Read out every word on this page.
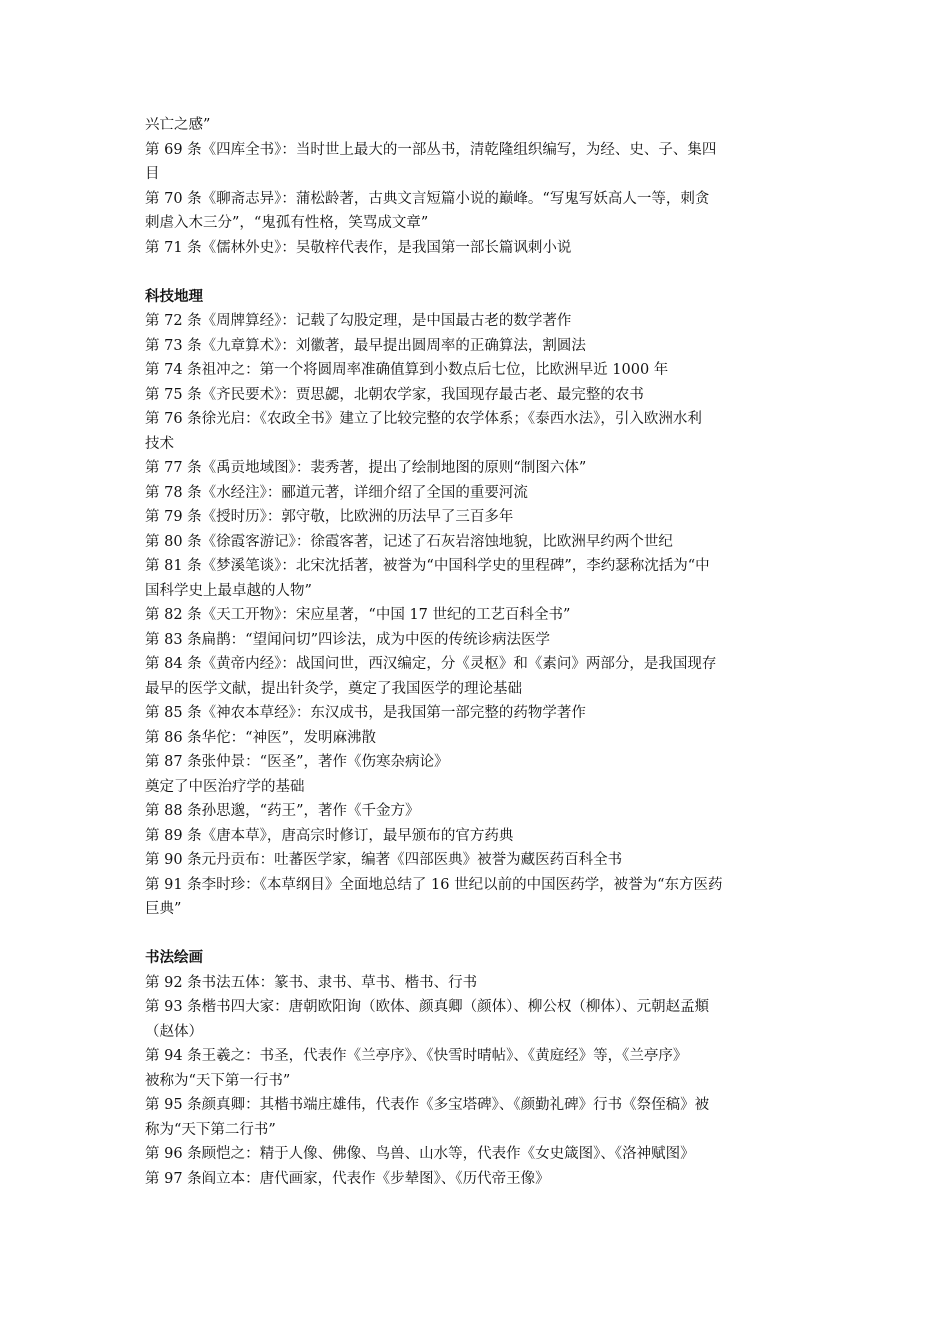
兴亡之感”

第 69 条《四库全书》：当时世上最大的一部丛书，清乾隆组织编写，为经、史、子、集四

目

第 70 条《聊斋志异》：蒲松龄著，古典文言短篇小说的巅峰。“写鬼写妖高人一等，刺贪

刺虐入木三分”，“鬼孤有性格，笑骂成文章”

第 71 条《儒林外史》：吴敬梓代表作，是我国第一部长篇讽刺小说

科技地理

第 72 条《周牌算经》：记载了勾股定理，是中国最古老的数学著作

第 73 条《九章算术》：刘徽著，最早提出圆周率的正确算法，割圆法

第 74 条祖冲之：第一个将圆周率准确值算到小数点后七位，比欧洲早近 1000 年

第 75 条《齐民要术》：贾思勰，北朝农学家，我国现存最古老、最完整的农书

第 76 条徐光启：《农政全书》建立了比较完整的农学体系；《泰西水法》，引入欧洲水利

技术

第 77 条《禹贡地域图》：裴秀著，提出了绘制地图的原则“制图六体”

第 78 条《水经注》：郦道元著，详细介绍了全国的重要河流

第 79 条《授时历》：郭守敬，比欧洲的历法早了三百多年

第 80 条《徐霞客游记》：徐霞客著，记述了石灰岩溶蚀地貌，比欧洲早约两个世纪

第 81 条《梦溪笔谈》：北宋沈括著，被誉为“中国科学史的里程碑”，李约瑟称沈括为“中

国科学史上最卓越的人物”

第 82 条《天工开物》：宋应星著，“中国 17 世纪的工艺百科全书”

第 83 条扁鹊：“望闻问切”四诊法，成为中医的传统诊病法医学

第 84 条《黄帝内经》：战国问世，西汉编定，分《灵枢》和《素问》两部分，是我国现存

最早的医学文献，提出针灸学，奠定了我国医学的理论基础

第 85 条《神农本草经》：东汉成书，是我国第一部完整的药物学著作

第 86 条华佗：“神医”，发明麻沸散

第 87 条张仲景：“医圣”，著作《伤寒杂病论》

奠定了中医治疗学的基础

第 88 条孙思邈，“药王”，著作《千金方》

第 89 条《唐本草》，唐高宗时修订，最早颁布的官方药典

第 90 条元丹贡布：吐蕃医学家，编著《四部医典》被誉为藏医药百科全书

第 91 条李时珍：《本草纲目》全面地总结了 16 世纪以前的中国医药学，被誉为“东方医药

巨典”

书法绘画

第 92 条书法五体：篆书、隶书、草书、楷书、行书

第 93 条楷书四大家：唐朝欧阳询（欧体、颜真卿（颜体）、柳公权（柳体）、元朝赵孟頫

（赵体）

第 94 条王羲之：书圣，代表作《兰亭序》、《快雪时晴帖》、《黄庭经》等，《兰亭序》

被称为“天下第一行书”

第 95 条颜真卿：其楷书端庄雄伟，代表作《多宝塔碑》、《颜勤礼碑》行书《祭侄稿》被

称为“天下第二行书”

第 96 条顾恺之：精于人像、佛像、鸟兽、山水等，代表作《女史箴图》、《洛神赋图》

第 97 条阎立本：唐代画家，代表作《步辇图》、《历代帝王像》
